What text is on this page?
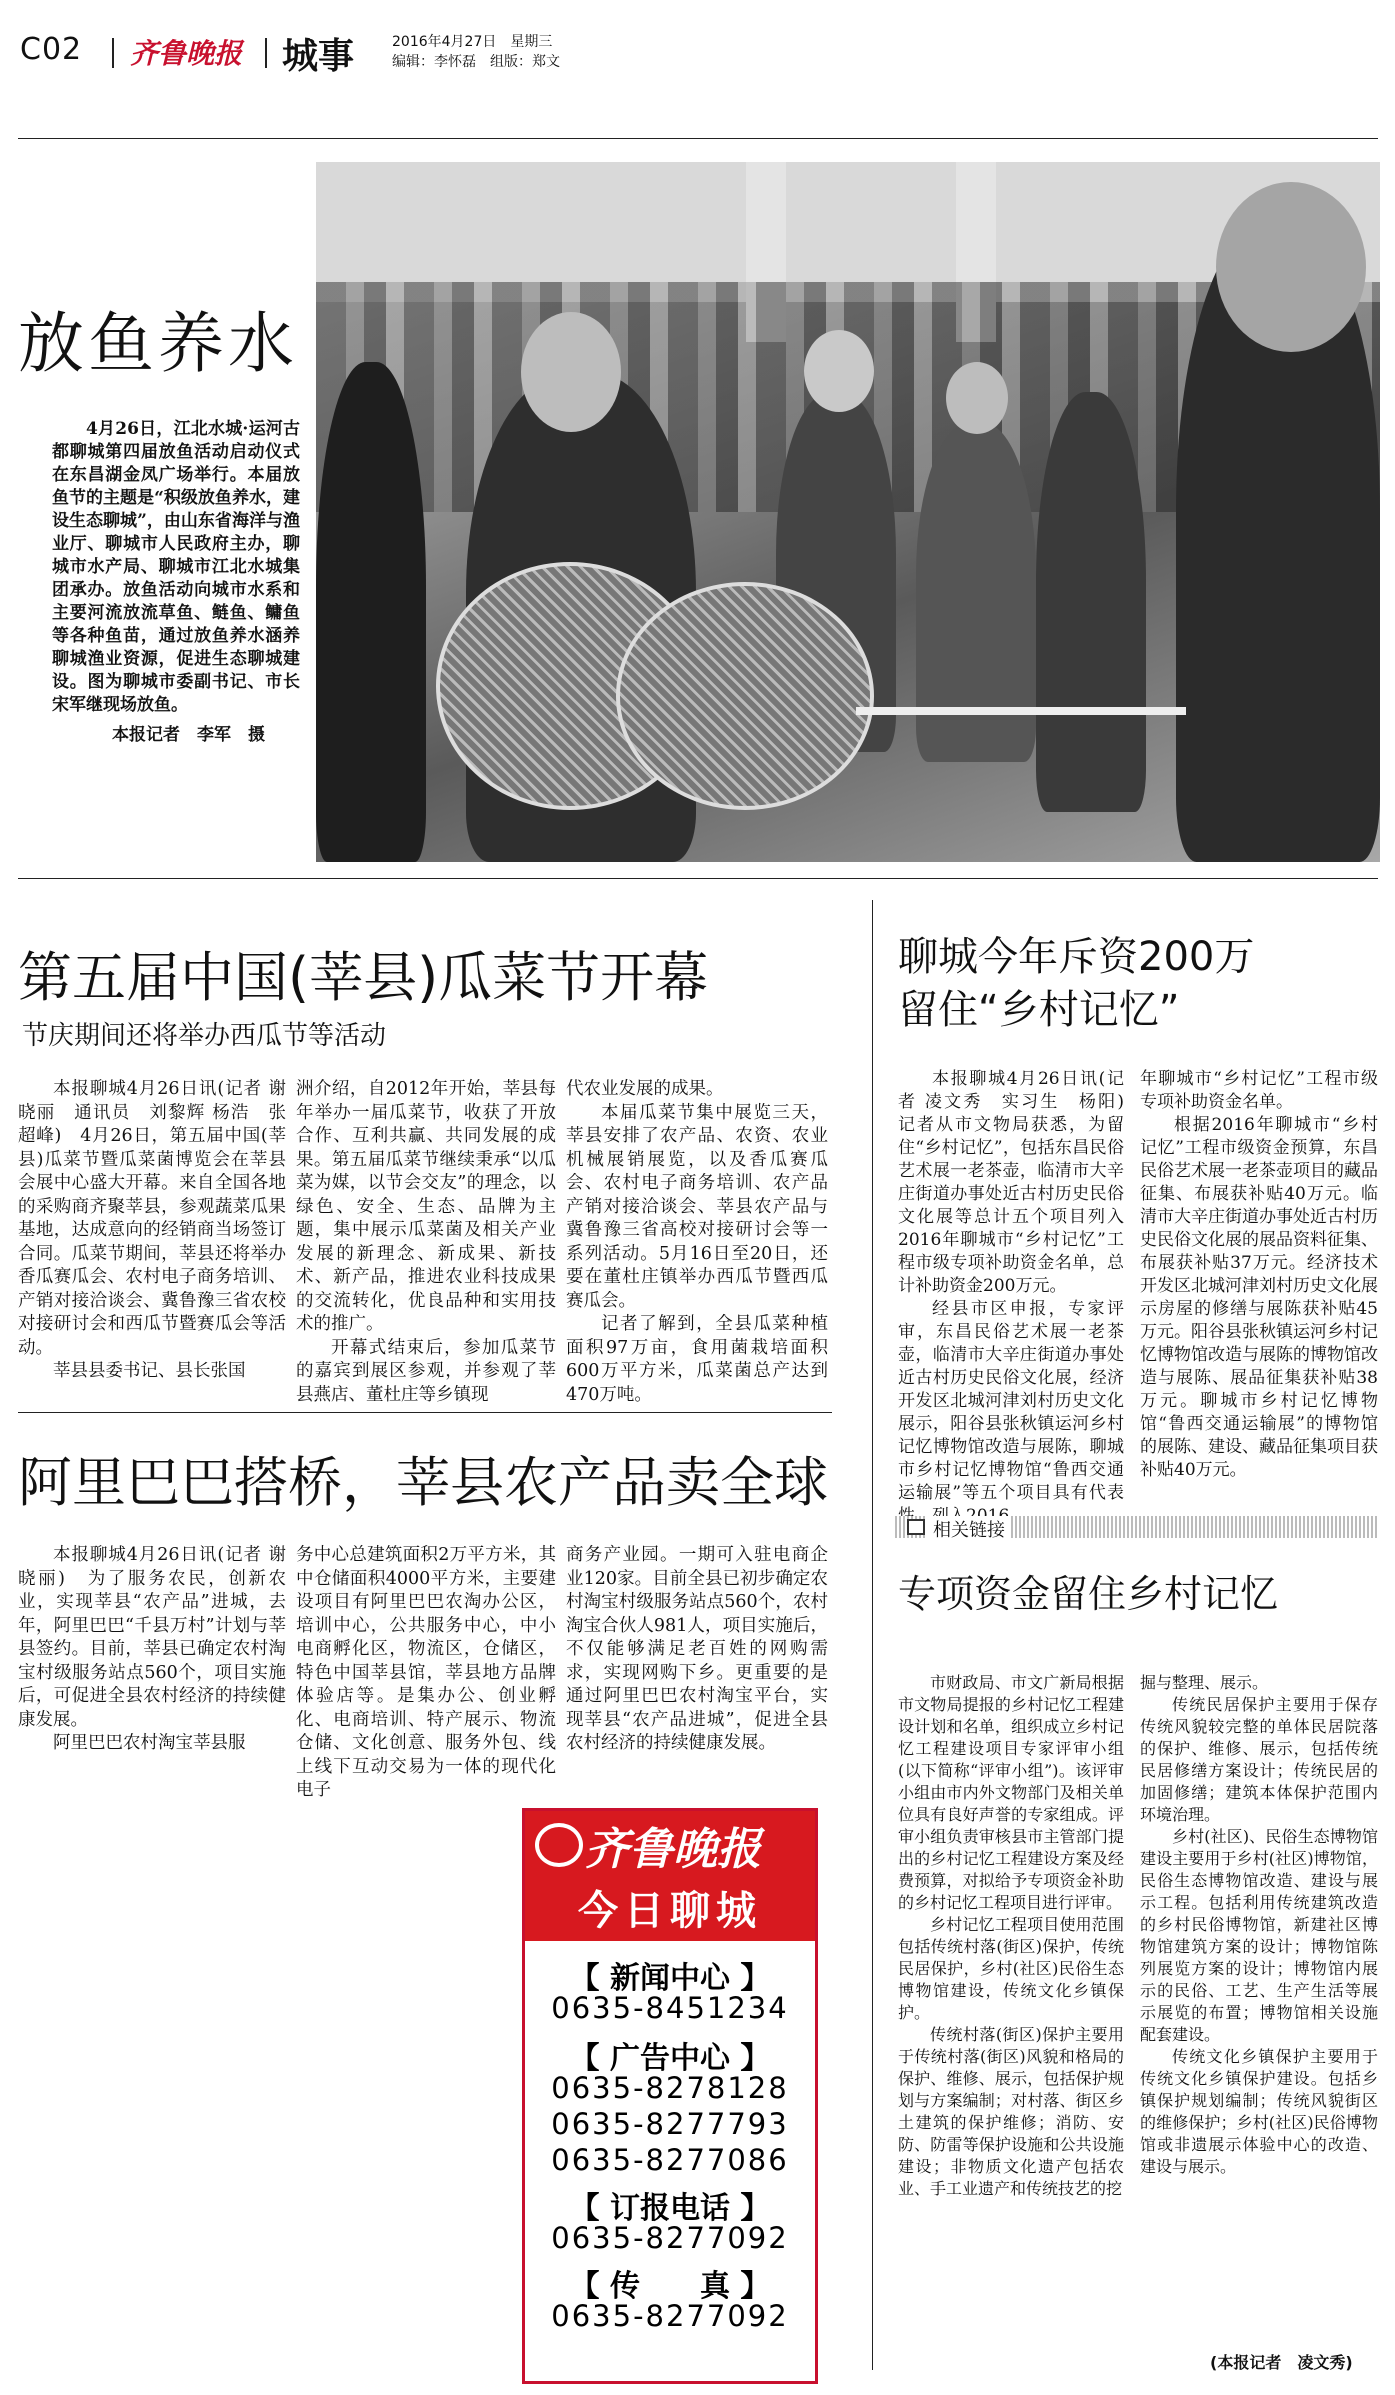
C02 齐鲁晚报 城事	2016年4月27日　星期三
编辑：李怀磊　组版：郑文
放鱼养水

4月26日，江北水城·运河古都聊城第四届放鱼活动启动仪式在东昌湖金凤广场举行。本届放鱼节的主题是“积级放鱼养水，建设生态聊城”，由山东省海洋与渔业厅、聊城市人民政府主办，聊城市水产局、聊城市江北水城集团承办。放鱼活动向城市水系和主要河流放流草鱼、鲢鱼、鳙鱼等各种鱼苗，通过放鱼养水涵养聊城渔业资源，促进生态聊城建设。图为聊城市委副书记、市长宋军继现场放鱼。

本报记者　李军　摄
第五届中国(莘县)瓜菜节开幕
节庆期间还将举办西瓜节等活动

本报聊城4月26日讯(记者 谢晓丽　通讯员　刘黎辉 杨浩　张超峰)　4月26日，第五届中国(莘县)瓜菜节暨瓜菜菌博览会在莘县会展中心盛大开幕。来自全国各地的采购商齐聚莘县，参观蔬菜瓜果基地，达成意向的经销商当场签订合同。瓜菜节期间，莘县还将举办香瓜赛瓜会、农村电子商务培训、产销对接洽谈会、冀鲁豫三省农校对接研讨会和西瓜节暨赛瓜会等活动。

莘县县委书记、县长张国

洲介绍，自2012年开始，莘县每年举办一届瓜菜节，收获了开放合作、互利共赢、共同发展的成果。第五届瓜菜节继续秉承“以瓜菜为媒，以节会交友”的理念，以绿色、安全、生态、品牌为主题，集中展示瓜菜菌及相关产业发展的新理念、新成果、新技术、新产品，推进农业科技成果的交流转化，优良品种和实用技术的推广。

开幕式结束后，参加瓜菜节的嘉宾到展区参观，并参观了莘县燕店、董杜庄等乡镇现

代农业发展的成果。

本届瓜菜节集中展览三天，莘县安排了农产品、农资、农业机械展销展览，以及香瓜赛瓜会、农村电子商务培训、农产品产销对接洽谈会、莘县农产品与冀鲁豫三省高校对接研讨会等一系列活动。5月16日至20日，还要在董杜庄镇举办西瓜节暨西瓜赛瓜会。

记者了解到，全县瓜菜种植面积97万亩，食用菌栽培面积600万平方米，瓜菜菌总产达到470万吨。

阿里巴巴搭桥，莘县农产品卖全球

本报聊城4月26日讯(记者 谢晓丽)　为了服务农民，创新农业，实现莘县“农产品”进城，去年，阿里巴巴“千县万村”计划与莘县签约。目前，莘县已确定农村淘宝村级服务站点560个，项目实施后，可促进全县农村经济的持续健康发展。

阿里巴巴农村淘宝莘县服

务中心总建筑面积2万平方米，其中仓储面积4000平方米，主要建设项目有阿里巴巴农淘办公区，培训中心，公共服务中心，中小电商孵化区，物流区，仓储区，特色中国莘县馆，莘县地方品牌体验店等。是集办公、创业孵化、电商培训、特产展示、物流仓储、文化创意、服务外包、线上线下互动交易为一体的现代化电子

商务产业园。一期可入驻电商企业120家。目前全县已初步确定农村淘宝村级服务站点560个，农村淘宝合伙人981人，项目实施后，不仅能够满足老百姓的网购需求，实现网购下乡。更重要的是通过阿里巴巴农村淘宝平台，实现莘县“农产品进城”，促进全县农村经济的持续健康发展。

聊城今年斥资200万
留住“乡村记忆”

本报聊城4月26日讯(记者 凌文秀　实习生　杨阳)　记者从市文物局获悉，为留住“乡村记忆”，包括东昌民俗艺术展一老茶壶，临清市大辛庄街道办事处近古村历史民俗文化展等总计五个项目列入2016年聊城市“乡村记忆”工程市级专项补助资金名单，总计补助资金200万元。

经县市区申报，专家评审，东昌民俗艺术展一老茶壶，临清市大辛庄街道办事处近古村历史民俗文化展，经济开发区北城河津刘村历史文化展示，阳谷县张秋镇运河乡村记忆博物馆改造与展陈，聊城市乡村记忆博物馆“鲁西交通运输展”等五个项目具有代表

年聊城市“乡村记忆”工程市级专项补助资金名单。

根据2016年聊城市“乡村记忆”工程市级资金预算，东昌民俗艺术展一老茶壶项目的藏品征集、布展获补贴40万元。临清市大辛庄街道办事处近古村历史民俗文化展的展品资料征集、布展获补贴37万元。经济技术开发区北城河津刘村历史文化展示房屋的修缮与展陈获补贴45万元。阳谷县张秋镇运河乡村记忆博物馆改造与展陈的博物馆改造与展陈、展品征集获补贴38万元。聊城市乡村记忆博物馆“鲁西交通运输展”的博物馆的展陈、建设、藏品征集项目获补贴40万元。

相关链接
专项资金留住乡村记忆

市财政局、市文广新局根据市文物局提报的乡村记忆工程建设计划和名单，组织成立乡村记忆工程建设项目专家评审小组(以下简称“评审小组”)。该评审小组由市内外文物部门及相关单位具有良好声誉的专家组成。评审小组负责审核县市主管部门提出的乡村记忆工程建设方案及经费预算，对拟给予专项资金补助的乡村记忆工程项目进行评审。

乡村记忆工程项目使用范围包括传统村落(街区)保护，传统民居保护，乡村(社区)民俗生态博物馆建设，传统文化乡镇保护。

传统村落(街区)保护主要用于传统村落(街区)风貌和格局的保护、维修、展示，包括保护规划与方案编制；对村落、街区乡土建筑的保护维修；消防、安防、防雷等保护设施和公共设施建设；非物质文化遗产包括农业、手工业遗产和传统技艺的挖

掘与整理、展示。

传统民居保护主要用于保存传统风貌较完整的单体民居院落的保护、维修、展示，包括传统民居修缮方案设计；传统民居的加固修缮；建筑本体保护范围内环境治理。

乡村(社区)、民俗生态博物馆建设主要用于乡村(社区)博物馆，民俗生态博物馆改造、建设与展示工程。包括利用传统建筑改造的乡村民俗博物馆，新建社区博物馆建筑方案的设计；博物馆陈列展览方案的设计；博物馆内展示的民俗、工艺、生产生活等展示展览的布置；博物馆相关设施配套建设。

传统文化乡镇保护主要用于传统文化乡镇保护建设。包括乡镇保护规划编制；传统风貌街区的维修保护；乡村(社区)民俗博物馆或非遗展示体验中心的改造、建设与展示。

(本报记者　凌文秀)
齐鲁晚报
今日聊城
【 新闻中心 】
0635-8451234
【 广告中心 】
0635-8278128
0635-8277793
0635-8277086
【 订报电话 】
0635-8277092
【 传　　真 】
0635-8277092
